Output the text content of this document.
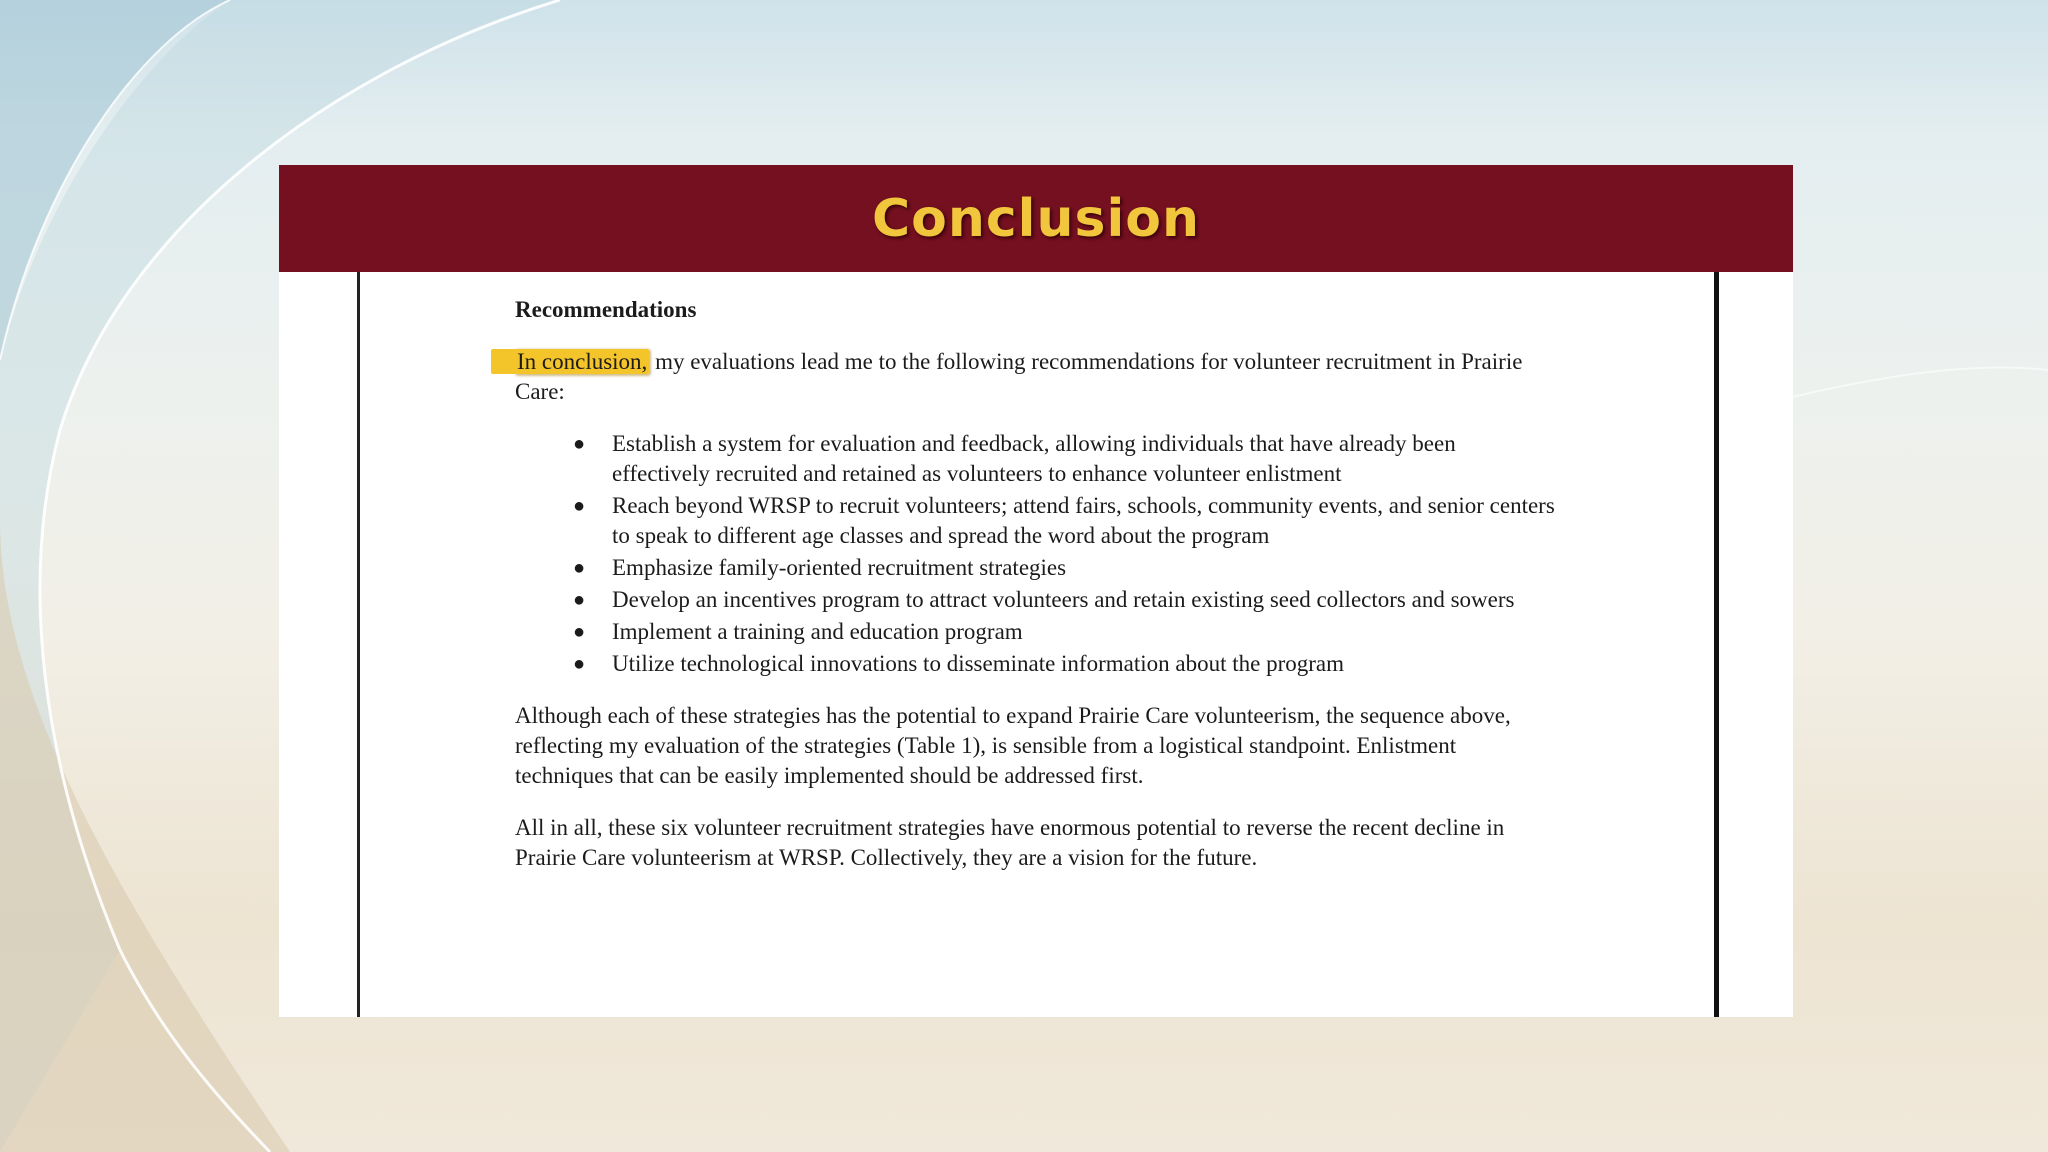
Conclusion
Recommendations

In conclusion, my evaluations lead me to the following recommendations for volunteer recruitment in Prairie Care:

● Establish a system for evaluation and feedback, allowing individuals that have already been effectively recruited and retained as volunteers to enhance volunteer enlistment
● Reach beyond WRSP to recruit volunteers; attend fairs, schools, community events, and senior centers to speak to different age classes and spread the word about the program
● Emphasize family-oriented recruitment strategies
● Develop an incentives program to attract volunteers and retain existing seed collectors and sowers
● Implement a training and education program
● Utilize technological innovations to disseminate information about the program

Although each of these strategies has the potential to expand Prairie Care volunteerism, the sequence above, reflecting my evaluation of the strategies (Table 1), is sensible from a logistical standpoint. Enlistment techniques that can be easily implemented should be addressed first.

All in all, these six volunteer recruitment strategies have enormous potential to reverse the recent decline in Prairie Care volunteerism at WRSP. Collectively, they are a vision for the future.
